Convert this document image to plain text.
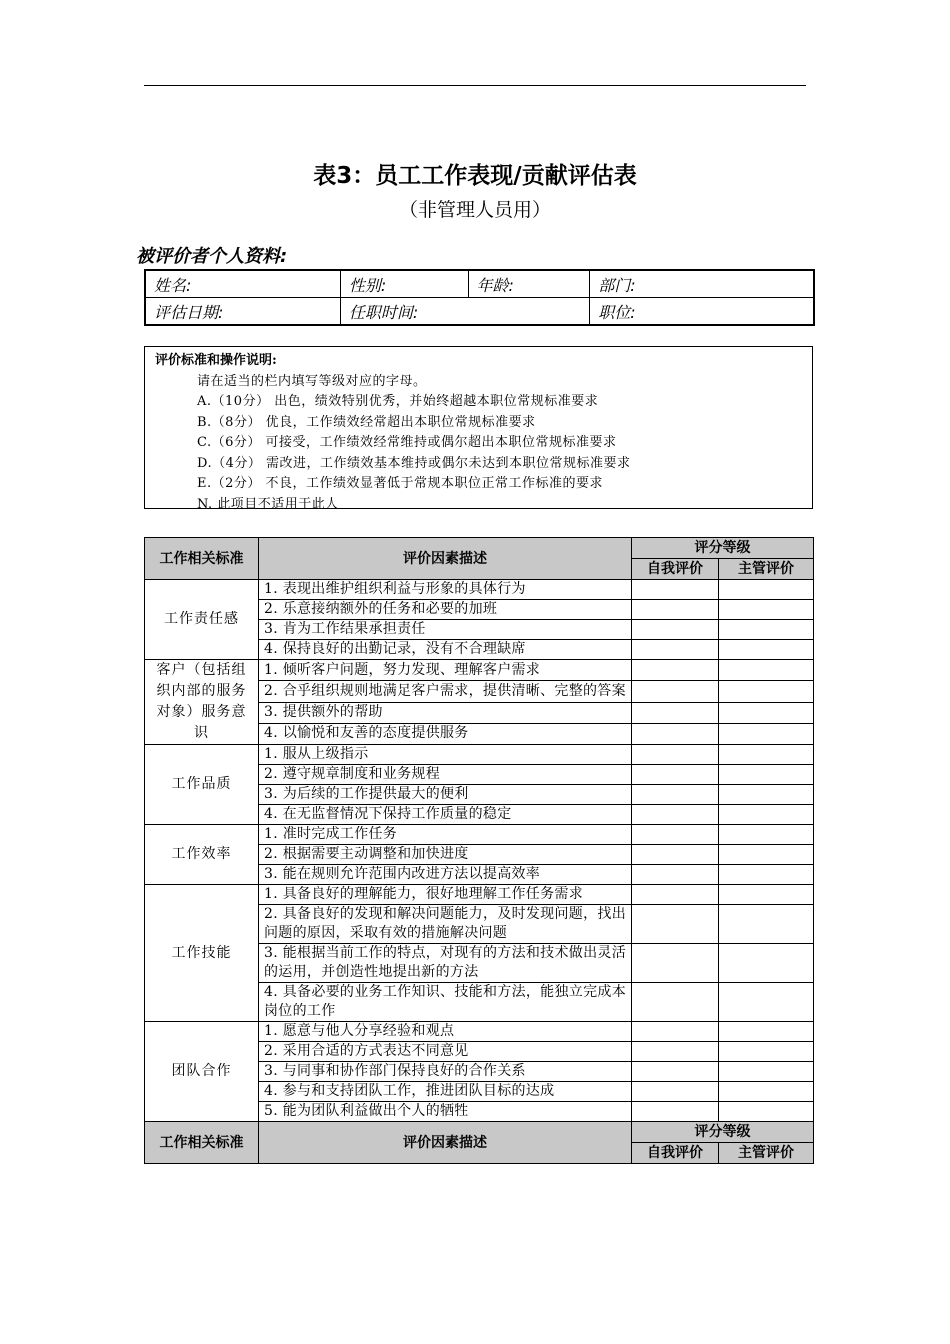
表3：员工工作表现/贡献评估表
（非管理人员用）
被评价者个人资料:
姓名:	性别:	年龄:	部门:
评估日期:	任职时间:		职位:
评价标准和操作说明:
请在适当的栏内填写等级对应的字母。
A.（10分） 出色，绩效特别优秀，并始终超越本职位常规标准要求
B.（8分） 优良，工作绩效经常超出本职位常规标准要求
C.（6分） 可接受，工作绩效经常维持或偶尔超出本职位常规标准要求
D.（4分） 需改进，工作绩效基本维持或偶尔未达到本职位常规标准要求
E.（2分） 不良，工作绩效显著低于常规本职位正常工作标准的要求
N. 此项目不适用于此人
工作相关标准	评价因素描述	评分等级	
		自我评价	主管评价
工作责任感	1. 表现出维护组织利益与形象的具体行为		
	2. 乐意接纳额外的任务和必要的加班		
	3. 肯为工作结果承担责任		
	4. 保持良好的出勤记录，没有不合理缺席		
客户（包括组织内部的服务对象）服务意识	1. 倾听客户问题，努力发现、理解客户需求		
	2. 合乎组织规则地满足客户需求，提供清晰、完整的答案		
	3. 提供额外的帮助		
	4. 以愉悦和友善的态度提供服务		
工作品质	1. 服从上级指示		
	2. 遵守规章制度和业务规程		
	3. 为后续的工作提供最大的便利		
	4. 在无监督情况下保持工作质量的稳定		
工作效率	1. 准时完成工作任务		
	2. 根据需要主动调整和加快进度		
	3. 能在规则允许范围内改进方法以提高效率		
工作技能	1. 具备良好的理解能力，很好地理解工作任务需求		
	2. 具备良好的发现和解决问题能力，及时发现问题，找出问题的原因，采取有效的措施解决问题		
	3. 能根据当前工作的特点，对现有的方法和技术做出灵活的运用，并创造性地提出新的方法		
	4. 具备必要的业务工作知识、技能和方法，能独立完成本岗位的工作		
团队合作	1. 愿意与他人分享经验和观点		
	2. 采用合适的方式表达不同意见		
	3. 与同事和协作部门保持良好的合作关系		
	4. 参与和支持团队工作，推进团队目标的达成		
	5. 能为团队利益做出个人的牺牲		
工作相关标准	评价因素描述	评分等级	
		自我评价	主管评价
